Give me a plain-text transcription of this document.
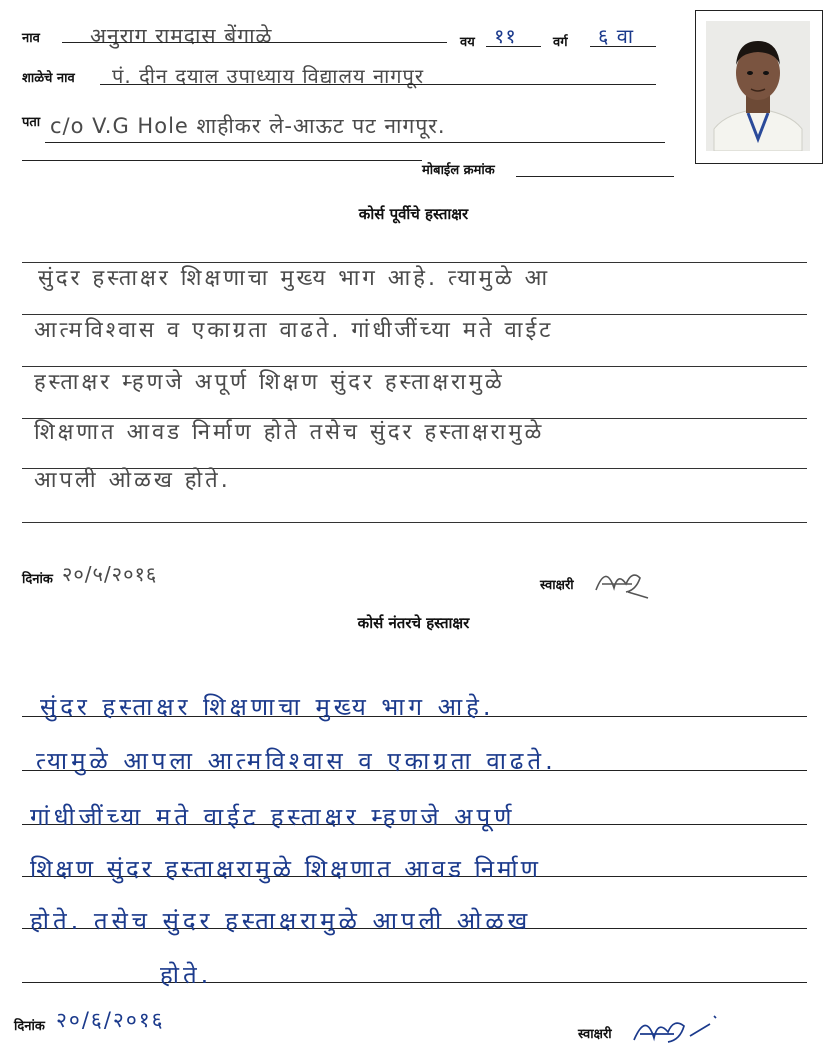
नाव अनुराग रामदास बेंगाळे	वय ११	वर्ग ६ वा
शाळेचे नाव पं. दीन दयाल उपाध्याय विद्यालय नागपूर
पता c/o V.G Hole शाहीकर ले-आऊट पट नागपूर.
मोबाईल क्रमांक
कोर्स पूर्वीचे हस्ताक्षर
सुंदर हस्ताक्षर शिक्षणाचा मुख्य भाग आहे. त्यामुळे आ
आत्मविश्वास व एकाग्रता वाढते. गांधीजींच्या मते वाईट
हस्ताक्षर म्हणजे अपूर्ण शिक्षण सुंदर हस्ताक्षरामुळे
शिक्षणात आवड निर्माण होते तसेच सुंदर हस्ताक्षरामुळे
आपली ओळख होते.
दिनांक २०/५/२०१६	स्वाक्षरी
कोर्स नंतरचे हस्ताक्षर
सुंदर हस्ताक्षर शिक्षणाचा मुख्य भाग आहे.
त्यामुळे आपला आत्मविश्वास व एकाग्रता वाढते.
गांधीजींच्या मते वाईट हस्ताक्षर म्हणजे अपूर्ण
शिक्षण सुंदर हस्ताक्षरामुळे शिक्षणात आवड निर्माण
होते. तसेच सुंदर हस्ताक्षरामुळे आपली ओळख
होते.
दिनांक २०/६/२०१६
स्वाक्षरी
